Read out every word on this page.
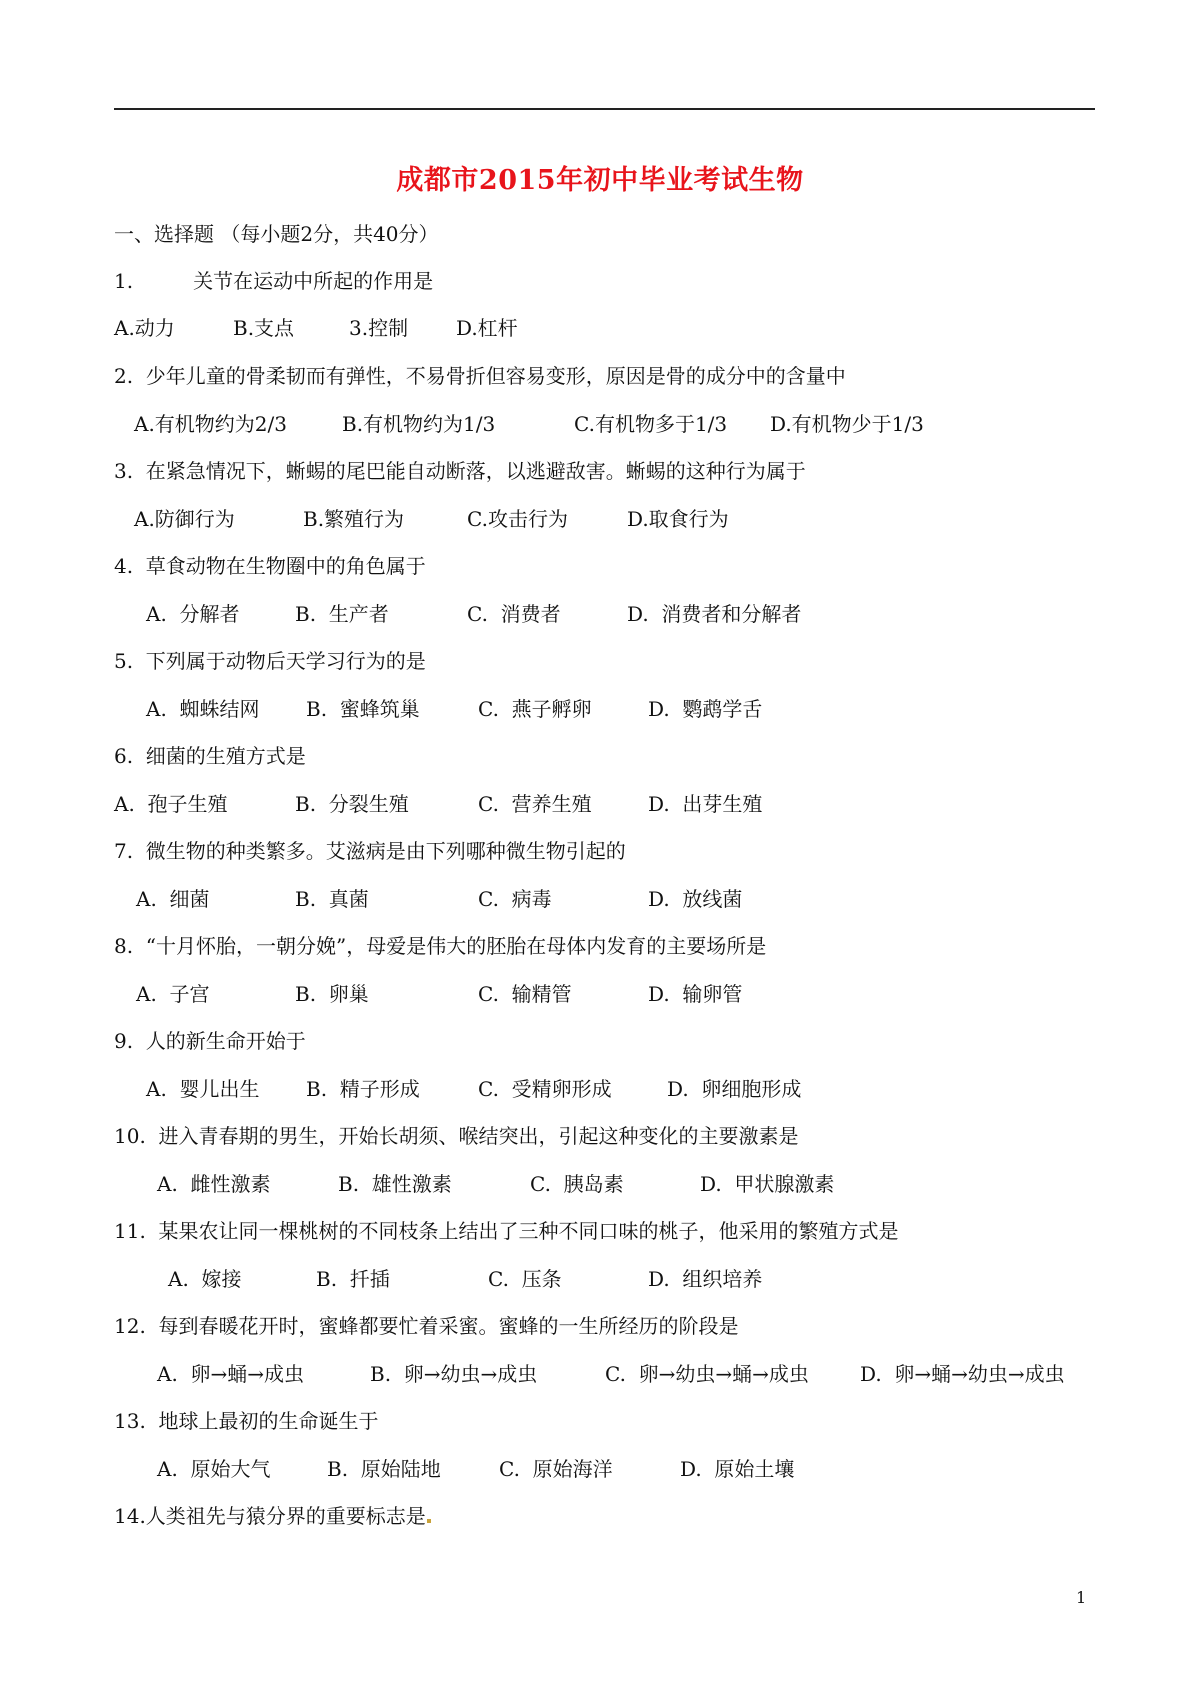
成都市2015年初中毕业考试生物
一、选择题 （每小题2分，共40分）
1.　　　关节在运动中所起的作用是
A.动力	B.支点	3.控制 D.杠杆
2.  少年儿童的骨柔韧而有弹性，不易骨折但容易变形，原因是骨的成分中的含量中
A.有机物约为2/3	B.有机物约为1/3	C.有机物多于1/3 D.有机物少于1/3
3.  在紧急情况下，蜥蜴的尾巴能自动断落，以逃避敌害。蜥蜴的这种行为属于
A.防御行为	B.繁殖行为	C.攻击行为	D.取食行为
4.  草食动物在生物圈中的角色属于
A.  分解者	B.  生产者	C.  消费者	D.  消费者和分解者
5.  下列属于动物后天学习行为的是
A.  蜘蛛结网 B.  蜜蜂筑巢	C.  燕子孵卵	D.  鹦鹉学舌
6.  细菌的生殖方式是
A.  孢子生殖	B.  分裂生殖	C.  营养生殖	D.  出芽生殖
7.  微生物的种类繁多。艾滋病是由下列哪种微生物引起的
A.  细菌	B.  真菌	C.  病毒	D.  放线菌
8.  “十月怀胎，一朝分娩”，母爱是伟大的胚胎在母体内发育的主要场所是
A.  子宫	B.  卵巢	C.  输精管	D.  输卵管
9.  人的新生命开始于
A.  婴儿出生 B.  精子形成	C.  受精卵形成	D.  卵细胞形成
10.  进入青春期的男生，开始长胡须、喉结突出，引起这种变化的主要激素是
A.  雌性激素	B.  雄性激素	C.  胰岛素	D.  甲状腺激素
11.  某果农让同一棵桃树的不同枝条上结出了三种不同口味的桃子，他采用的繁殖方式是
A.  嫁接	B.  扦插	C.  压条	D.  组织培养
12.  每到春暖花开时，蜜蜂都要忙着采蜜。蜜蜂的一生所经历的阶段是
A.  卵→蛹→成虫	B.  卵→幼虫→成虫	C.  卵→幼虫→蛹→成虫	D.  卵→蛹→幼虫→成虫
13.  地球上最初的生命诞生于
A.  原始大气	B.  原始陆地	C.  原始海洋	D.  原始土壤
14.人类祖先与猿分界的重要标志是
1
